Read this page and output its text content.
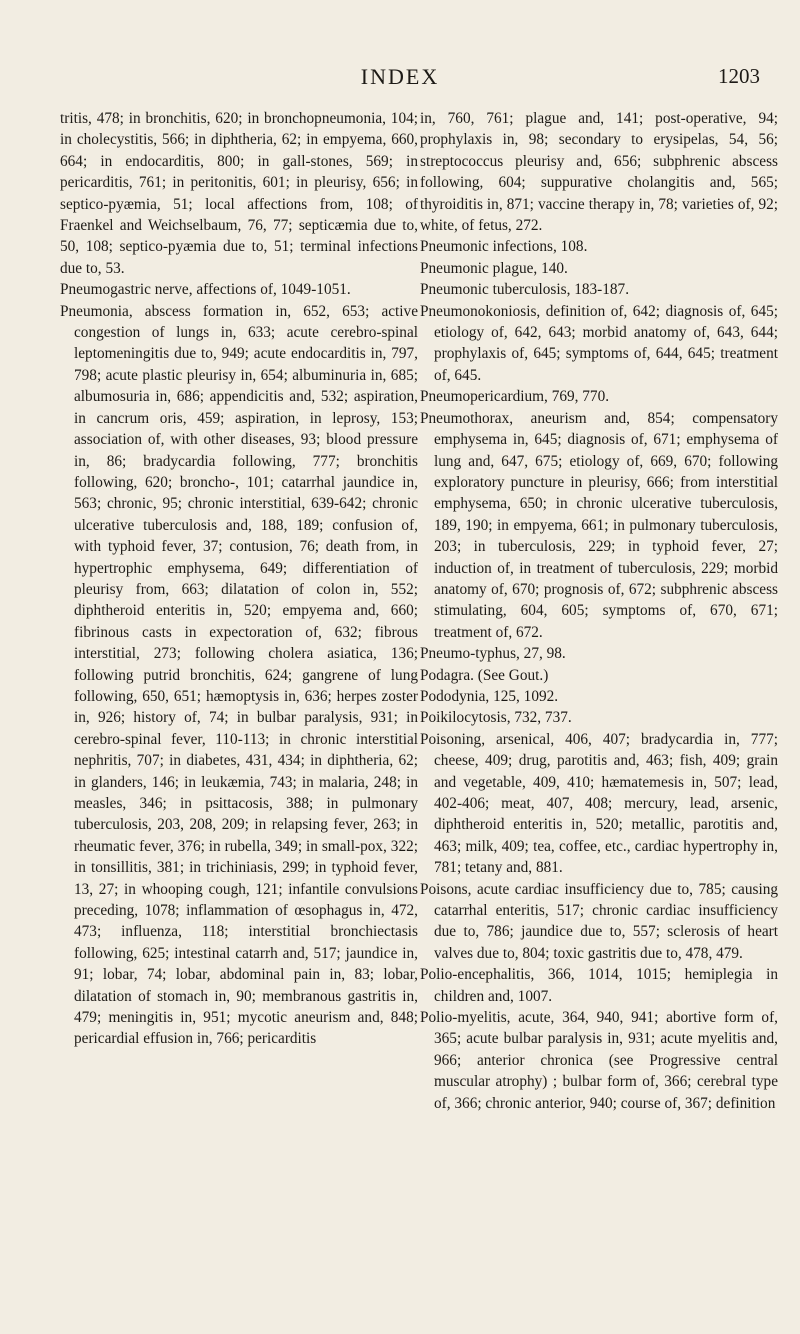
INDEX	1203

tritis, 478; in bronchitis, 620; in bronchopneumonia, 104; in cholecystitis, 566; in diphtheria, 62; in empyema, 660, 664; in endocarditis, 800; in gall-stones, 569; in pericarditis, 761; in peritonitis, 601; in pleurisy, 656; in septico-pyæmia, 51; local affections from, 108; of Fraenkel and Weichselbaum, 76, 77; septicæmia due to, 50, 108; septico-pyæmia due to, 51; terminal infections due to, 53.

Pneumogastric nerve, affections of, 1049-1051.

Pneumonia, abscess formation in, 652, 653; active congestion of lungs in, 633; acute cerebro-spinal leptomeningitis due to, 949; acute endocarditis in, 797, 798; acute plastic pleurisy in, 654; albuminuria in, 685; albumosuria in, 686; appendicitis and, 532; aspiration, in cancrum oris, 459; aspiration, in leprosy, 153; association of, with other diseases, 93; blood pressure in, 86; bradycardia following, 777; bronchitis following, 620; broncho-, 101; catarrhal jaundice in, 563; chronic, 95; chronic interstitial, 639-642; chronic ulcerative tuberculosis and, 188, 189; confusion of, with typhoid fever, 37; contusion, 76; death from, in hypertrophic emphysema, 649; differentiation of pleurisy from, 663; dilatation of colon in, 552; diphtheroid enteritis in, 520; empyema and, 660; fibrinous casts in expectoration of, 632; fibrous interstitial, 273; following cholera asiatica, 136; following putrid bronchitis, 624; gangrene of lung following, 650, 651; hæmoptysis in, 636; herpes zoster in, 926; history of, 74; in bulbar paralysis, 931; in cerebro-spinal fever, 110-113; in chronic interstitial nephritis, 707; in diabetes, 431, 434; in diphtheria, 62; in glanders, 146; in leukæmia, 743; in malaria, 248; in measles, 346; in psittacosis, 388; in pulmonary tuberculosis, 203, 208, 209; in relapsing fever, 263; in rheumatic fever, 376; in rubella, 349; in small-pox, 322; in tonsillitis, 381; in trichiniasis, 299; in typhoid fever, 13, 27; in whooping cough, 121; infantile convulsions preceding, 1078; inflammation of œsophagus in, 472, 473; influenza, 118; interstitial bronchiectasis following, 625; intestinal catarrh and, 517; jaundice in, 91; lobar, 74; lobar, abdominal pain in, 83; lobar, dilatation of stomach in, 90; membranous gastritis in, 479; meningitis in, 951; mycotic aneurism and, 848; pericardial effusion in, 766; pericarditis

in, 760, 761; plague and, 141; post-operative, 94; prophylaxis in, 98; secondary to erysipelas, 54, 56; streptococcus pleurisy and, 656; subphrenic abscess following, 604; suppurative cholangitis and, 565; thyroiditis in, 871; vaccine therapy in, 78; varieties of, 92; white, of fetus, 272.

Pneumonic infections, 108.

Pneumonic plague, 140.

Pneumonic tuberculosis, 183-187.

Pneumonokoniosis, definition of, 642; diagnosis of, 645; etiology of, 642, 643; morbid anatomy of, 643, 644; prophylaxis of, 645; symptoms of, 644, 645; treatment of, 645.

Pneumopericardium, 769, 770.

Pneumothorax, aneurism and, 854; compensatory emphysema in, 645; diagnosis of, 671; emphysema of lung and, 647, 675; etiology of, 669, 670; following exploratory puncture in pleurisy, 666; from interstitial emphysema, 650; in chronic ulcerative tuberculosis, 189, 190; in empyema, 661; in pulmonary tuberculosis, 203; in tuberculosis, 229; in typhoid fever, 27; induction of, in treatment of tuberculosis, 229; morbid anatomy of, 670; prognosis of, 672; subphrenic abscess stimulating, 604, 605; symptoms of, 670, 671; treatment of, 672.

Pneumo-typhus, 27, 98.

Podagra. (See Gout.)

Pododynia, 125, 1092.

Poikilocytosis, 732, 737.

Poisoning, arsenical, 406, 407; bradycardia in, 777; cheese, 409; drug, parotitis and, 463; fish, 409; grain and vegetable, 409, 410; hæmatemesis in, 507; lead, 402-406; meat, 407, 408; mercury, lead, arsenic, diphtheroid enteritis in, 520; metallic, parotitis and, 463; milk, 409; tea, coffee, etc., cardiac hypertrophy in, 781; tetany and, 881.

Poisons, acute cardiac insufficiency due to, 785; causing catarrhal enteritis, 517; chronic cardiac insufficiency due to, 786; jaundice due to, 557; sclerosis of heart valves due to, 804; toxic gastritis due to, 478, 479.

Polio-encephalitis, 366, 1014, 1015; hemiplegia in children and, 1007.

Polio-myelitis, acute, 364, 940, 941; abortive form of, 365; acute bulbar paralysis in, 931; acute myelitis and, 966; anterior chronica (see Progressive central muscular atrophy) ; bulbar form of, 366; cerebral type of, 366; chronic anterior, 940; course of, 367; definition
